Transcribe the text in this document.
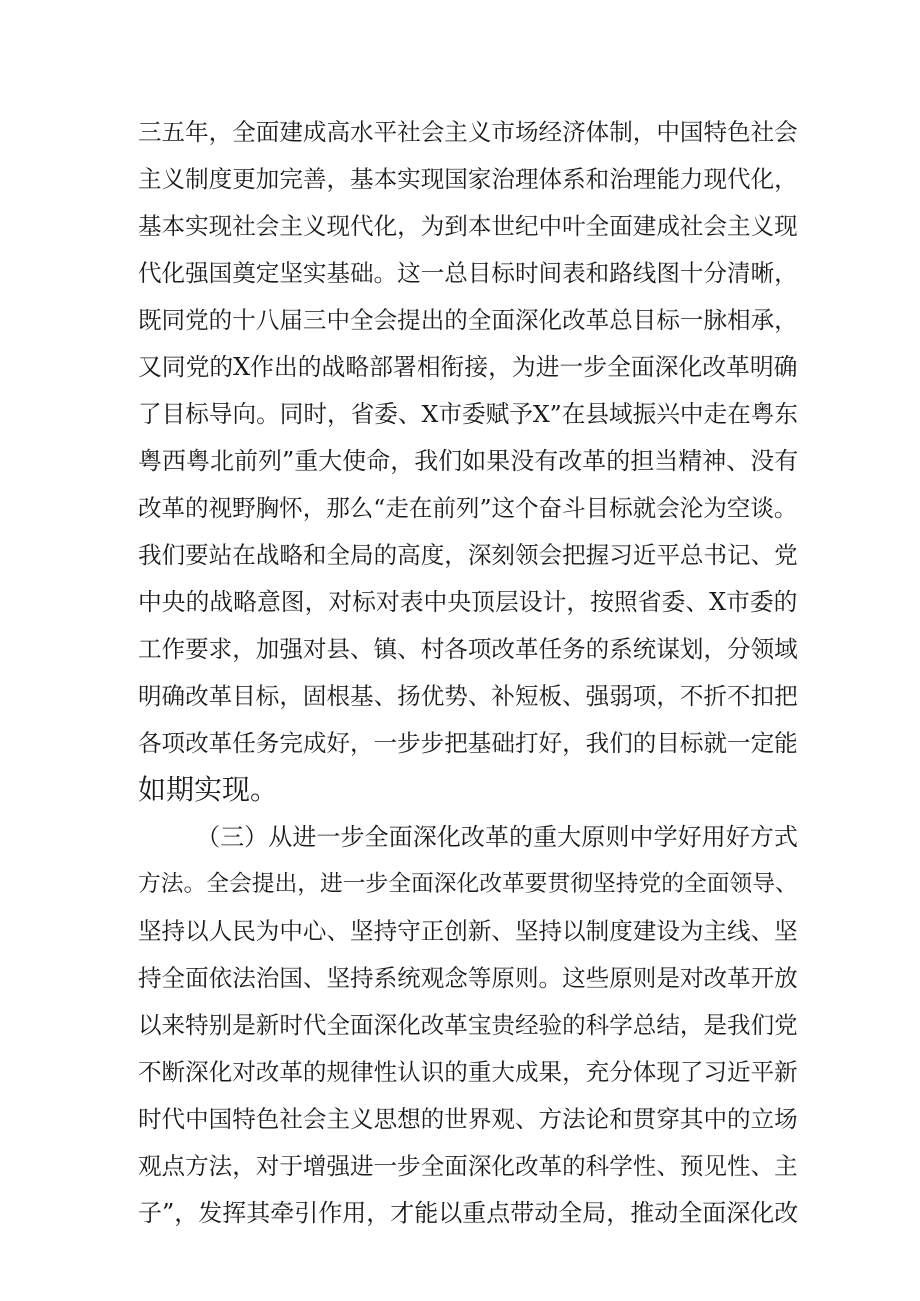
三五年，全面建成高水平社会主义市场经济体制，中国特色社会
主义制度更加完善，基本实现国家治理体系和治理能力现代化，
基本实现社会主义现代化，为到本世纪中叶全面建成社会主义现
代化强国奠定坚实基础。这一总目标时间表和路线图十分清晰，
既同党的十八届三中全会提出的全面深化改革总目标一脉相承，
又同党的X作出的战略部署相衔接，为进一步全面深化改革明确
了目标导向。同时，省委、X市委赋予X”在县域振兴中走在粤东
粤西粤北前列”重大使命，我们如果没有改革的担当精神、没有
改革的视野胸怀，那么“走在前列”这个奋斗目标就会沦为空谈。
我们要站在战略和全局的高度，深刻领会把握习近平总书记、党
中央的战略意图，对标对表中央顶层设计，按照省委、X市委的
工作要求，加强对县、镇、村各项改革任务的系统谋划，分领域
明确改革目标，固根基、扬优势、补短板、强弱项，不折不扣把
各项改革任务完成好，一步步把基础打好，我们的目标就一定能
如期实现。
（三）从进一步全面深化改革的重大原则中学好用好方式
方法。全会提出，进一步全面深化改革要贯彻坚持党的全面领导、
坚持以人民为中心、坚持守正创新、坚持以制度建设为主线、坚
持全面依法治国、坚持系统观念等原则。这些原则是对改革开放
以来特别是新时代全面深化改革宝贵经验的科学总结，是我们党
不断深化对改革的规律性认识的重大成果，充分体现了习近平新
时代中国特色社会主义思想的世界观、方法论和贯穿其中的立场
观点方法，对于增强进一步全面深化改革的科学性、预见性、主
子”，发挥其牵引作用，才能以重点带动全局，推动全面深化改
